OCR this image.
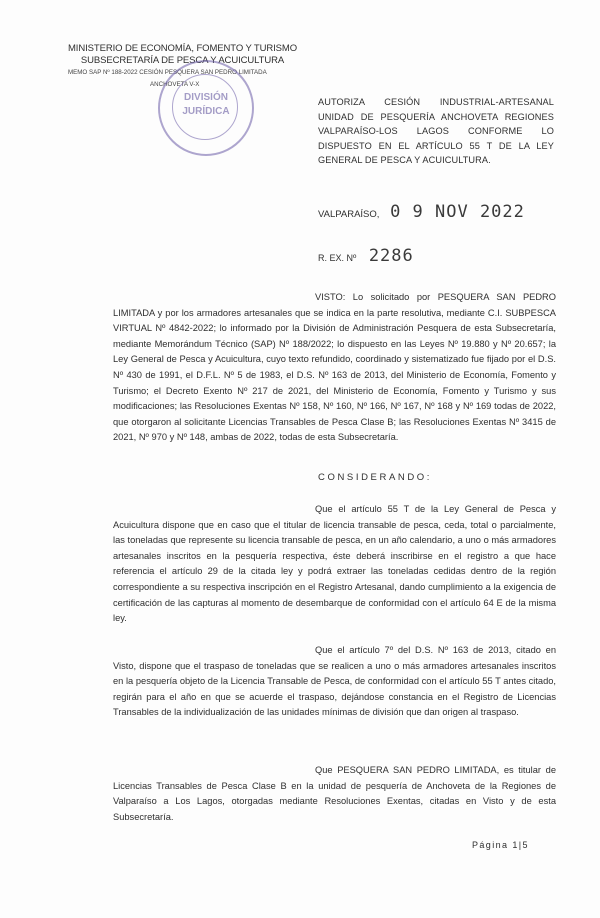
MINISTERIO DE ECONOMÍA, FOMENTO Y TURISMO
SUBSECRETARÍA DE PESCA Y ACUICULTURA
MEMO SAP Nº 188-2022 CESIÓN PESQUERA SAN PEDRO LIMITADA
ANCHOVETA V-X
DIVISIÓN
JURÍDICA
AUTORIZA CESIÓN INDUSTRIAL-ARTESANAL UNIDAD DE PESQUERÍA ANCHOVETA REGIONES VALPARAÍSO-LOS LAGOS CONFORME LO DISPUESTO EN EL ARTÍCULO 55 T DE LA LEY GENERAL DE PESCA Y ACUICULTURA.
VALPARAÍSO, 0 9 NOV 2022
R. EX. Nº 2286
VISTO: Lo solicitado por PESQUERA SAN PEDRO LIMITADA y por los armadores artesanales que se indica en la parte resolutiva, mediante C.I. SUBPESCA VIRTUAL Nº 4842-2022; lo informado por la División de Administración Pesquera de esta Subsecretaría, mediante Memorándum Técnico (SAP) Nº 188/2022; lo dispuesto en las Leyes Nº 19.880 y Nº 20.657; la Ley General de Pesca y Acuicultura, cuyo texto refundido, coordinado y sistematizado fue fijado por el D.S. Nº 430 de 1991, el D.F.L. Nº 5 de 1983, el D.S. Nº 163 de 2013, del Ministerio de Economía, Fomento y Turismo; el Decreto Exento Nº 217 de 2021, del Ministerio de Economía, Fomento y Turismo y sus modificaciones; las Resoluciones Exentas Nº 158, Nº 160, Nº 166, Nº 167, Nº 168 y Nº 169 todas de 2022, que otorgaron al solicitante Licencias Transables de Pesca Clase B; las Resoluciones Exentas Nº 3415 de 2021, Nº 970 y Nº 148, ambas de 2022, todas de esta Subsecretaría.
CONSIDERANDO:
Que el artículo 55 T de la Ley General de Pesca y Acuicultura dispone que en caso que el titular de licencia transable de pesca, ceda, total o parcialmente, las toneladas que represente su licencia transable de pesca, en un año calendario, a uno o más armadores artesanales inscritos en la pesquería respectiva, éste deberá inscribirse en el registro a que hace referencia el artículo 29 de la citada ley y podrá extraer las toneladas cedidas dentro de la región correspondiente a su respectiva inscripción en el Registro Artesanal, dando cumplimiento a la exigencia de certificación de las capturas al momento de desembarque de conformidad con el artículo 64 E de la misma ley.
Que el artículo 7º del D.S. Nº 163 de 2013, citado en Visto, dispone que el traspaso de toneladas que se realicen a uno o más armadores artesanales inscritos en la pesquería objeto de la Licencia Transable de Pesca, de conformidad con el artículo 55 T antes citado, regirán para el año en que se acuerde el traspaso, dejándose constancia en el Registro de Licencias Transables de la individualización de las unidades mínimas de división que dan origen al traspaso.
Que PESQUERA SAN PEDRO LIMITADA, es titular de Licencias Transables de Pesca Clase B en la unidad de pesquería de Anchoveta de la Regiones de Valparaíso a Los Lagos, otorgadas mediante Resoluciones Exentas, citadas en Visto y de esta Subsecretaría.
Página 1|5
